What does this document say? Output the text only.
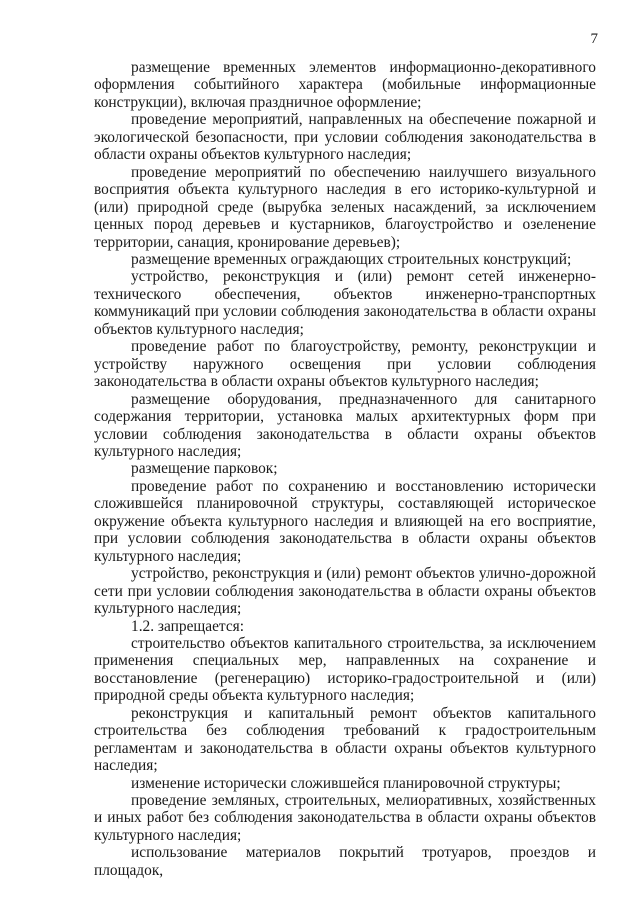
7

размещение временных элементов информационно-декоративного оформления событийного характера (мобильные информационные конструкции), включая праздничное оформление;

проведение мероприятий, направленных на обеспечение пожарной и экологической безопасности, при условии соблюдения законодательства в области охраны объектов культурного наследия;

проведение мероприятий по обеспечению наилучшего визуального восприятия объекта культурного наследия в его историко-культурной и (или) природной среде (вырубка зеленых насаждений, за исключением ценных пород деревьев и кустарников, благоустройство и озеленение территории, санация, кронирование деревьев);

размещение временных ограждающих строительных конструкций;

устройство, реконструкция и (или) ремонт сетей инженерно-технического обеспечения, объектов инженерно-транспортных коммуникаций при условии соблюдения законодательства в области охраны объектов культурного наследия;

проведение работ по благоустройству, ремонту, реконструкции и устройству наружного освещения при условии соблюдения законодательства в области охраны объектов культурного наследия;

размещение оборудования, предназначенного для санитарного содержания территории, установка малых архитектурных форм при условии соблюдения законодательства в области охраны объектов культурного наследия;

размещение парковок;

проведение работ по сохранению и восстановлению исторически сложившейся планировочной структуры, составляющей историческое окружение объекта культурного наследия и влияющей на его восприятие, при условии соблюдения законодательства в области охраны объектов культурного наследия;

устройство, реконструкция и (или) ремонт объектов улично-дорожной сети при условии соблюдения законодательства в области охраны объектов культурного наследия;

1.2. запрещается:

строительство объектов капитального строительства, за исключением применения специальных мер, направленных на сохранение и восстановление (регенерацию) историко-градостроительной и (или) природной среды объекта культурного наследия;

реконструкция и капитальный ремонт объектов капитального строительства без соблюдения требований к градостроительным регламентам и законодательства в области охраны объектов культурного наследия;

изменение исторически сложившейся планировочной структуры;

проведение земляных, строительных, мелиоративных, хозяйственных и иных работ без соблюдения законодательства в области охраны объектов культурного наследия;

использование материалов покрытий тротуаров, проездов и площадок,
